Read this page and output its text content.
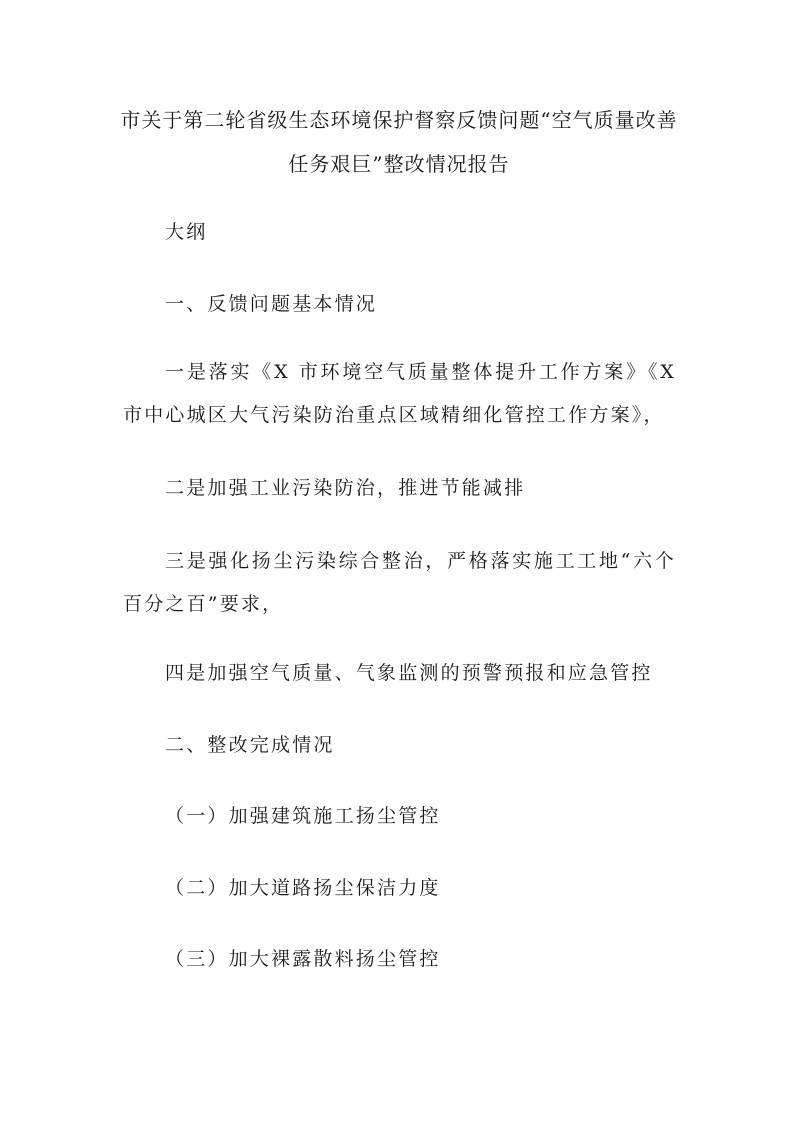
市关于第二轮省级生态环境保护督察反馈问题“空气质量改善任务艰巨”整改情况报告
大纲
一、反馈问题基本情况
一是落实《X 市环境空气质量整体提升工作方案》《X 市中心城区大气污染防治重点区域精细化管控工作方案》，
二是加强工业污染防治，推进节能减排
三是强化扬尘污染综合整治，严格落实施工工地“六个百分之百”要求，
四是加强空气质量、气象监测的预警预报和应急管控
二、整改完成情况
（一）加强建筑施工扬尘管控
（二）加大道路扬尘保洁力度
（三）加大裸露散料扬尘管控
